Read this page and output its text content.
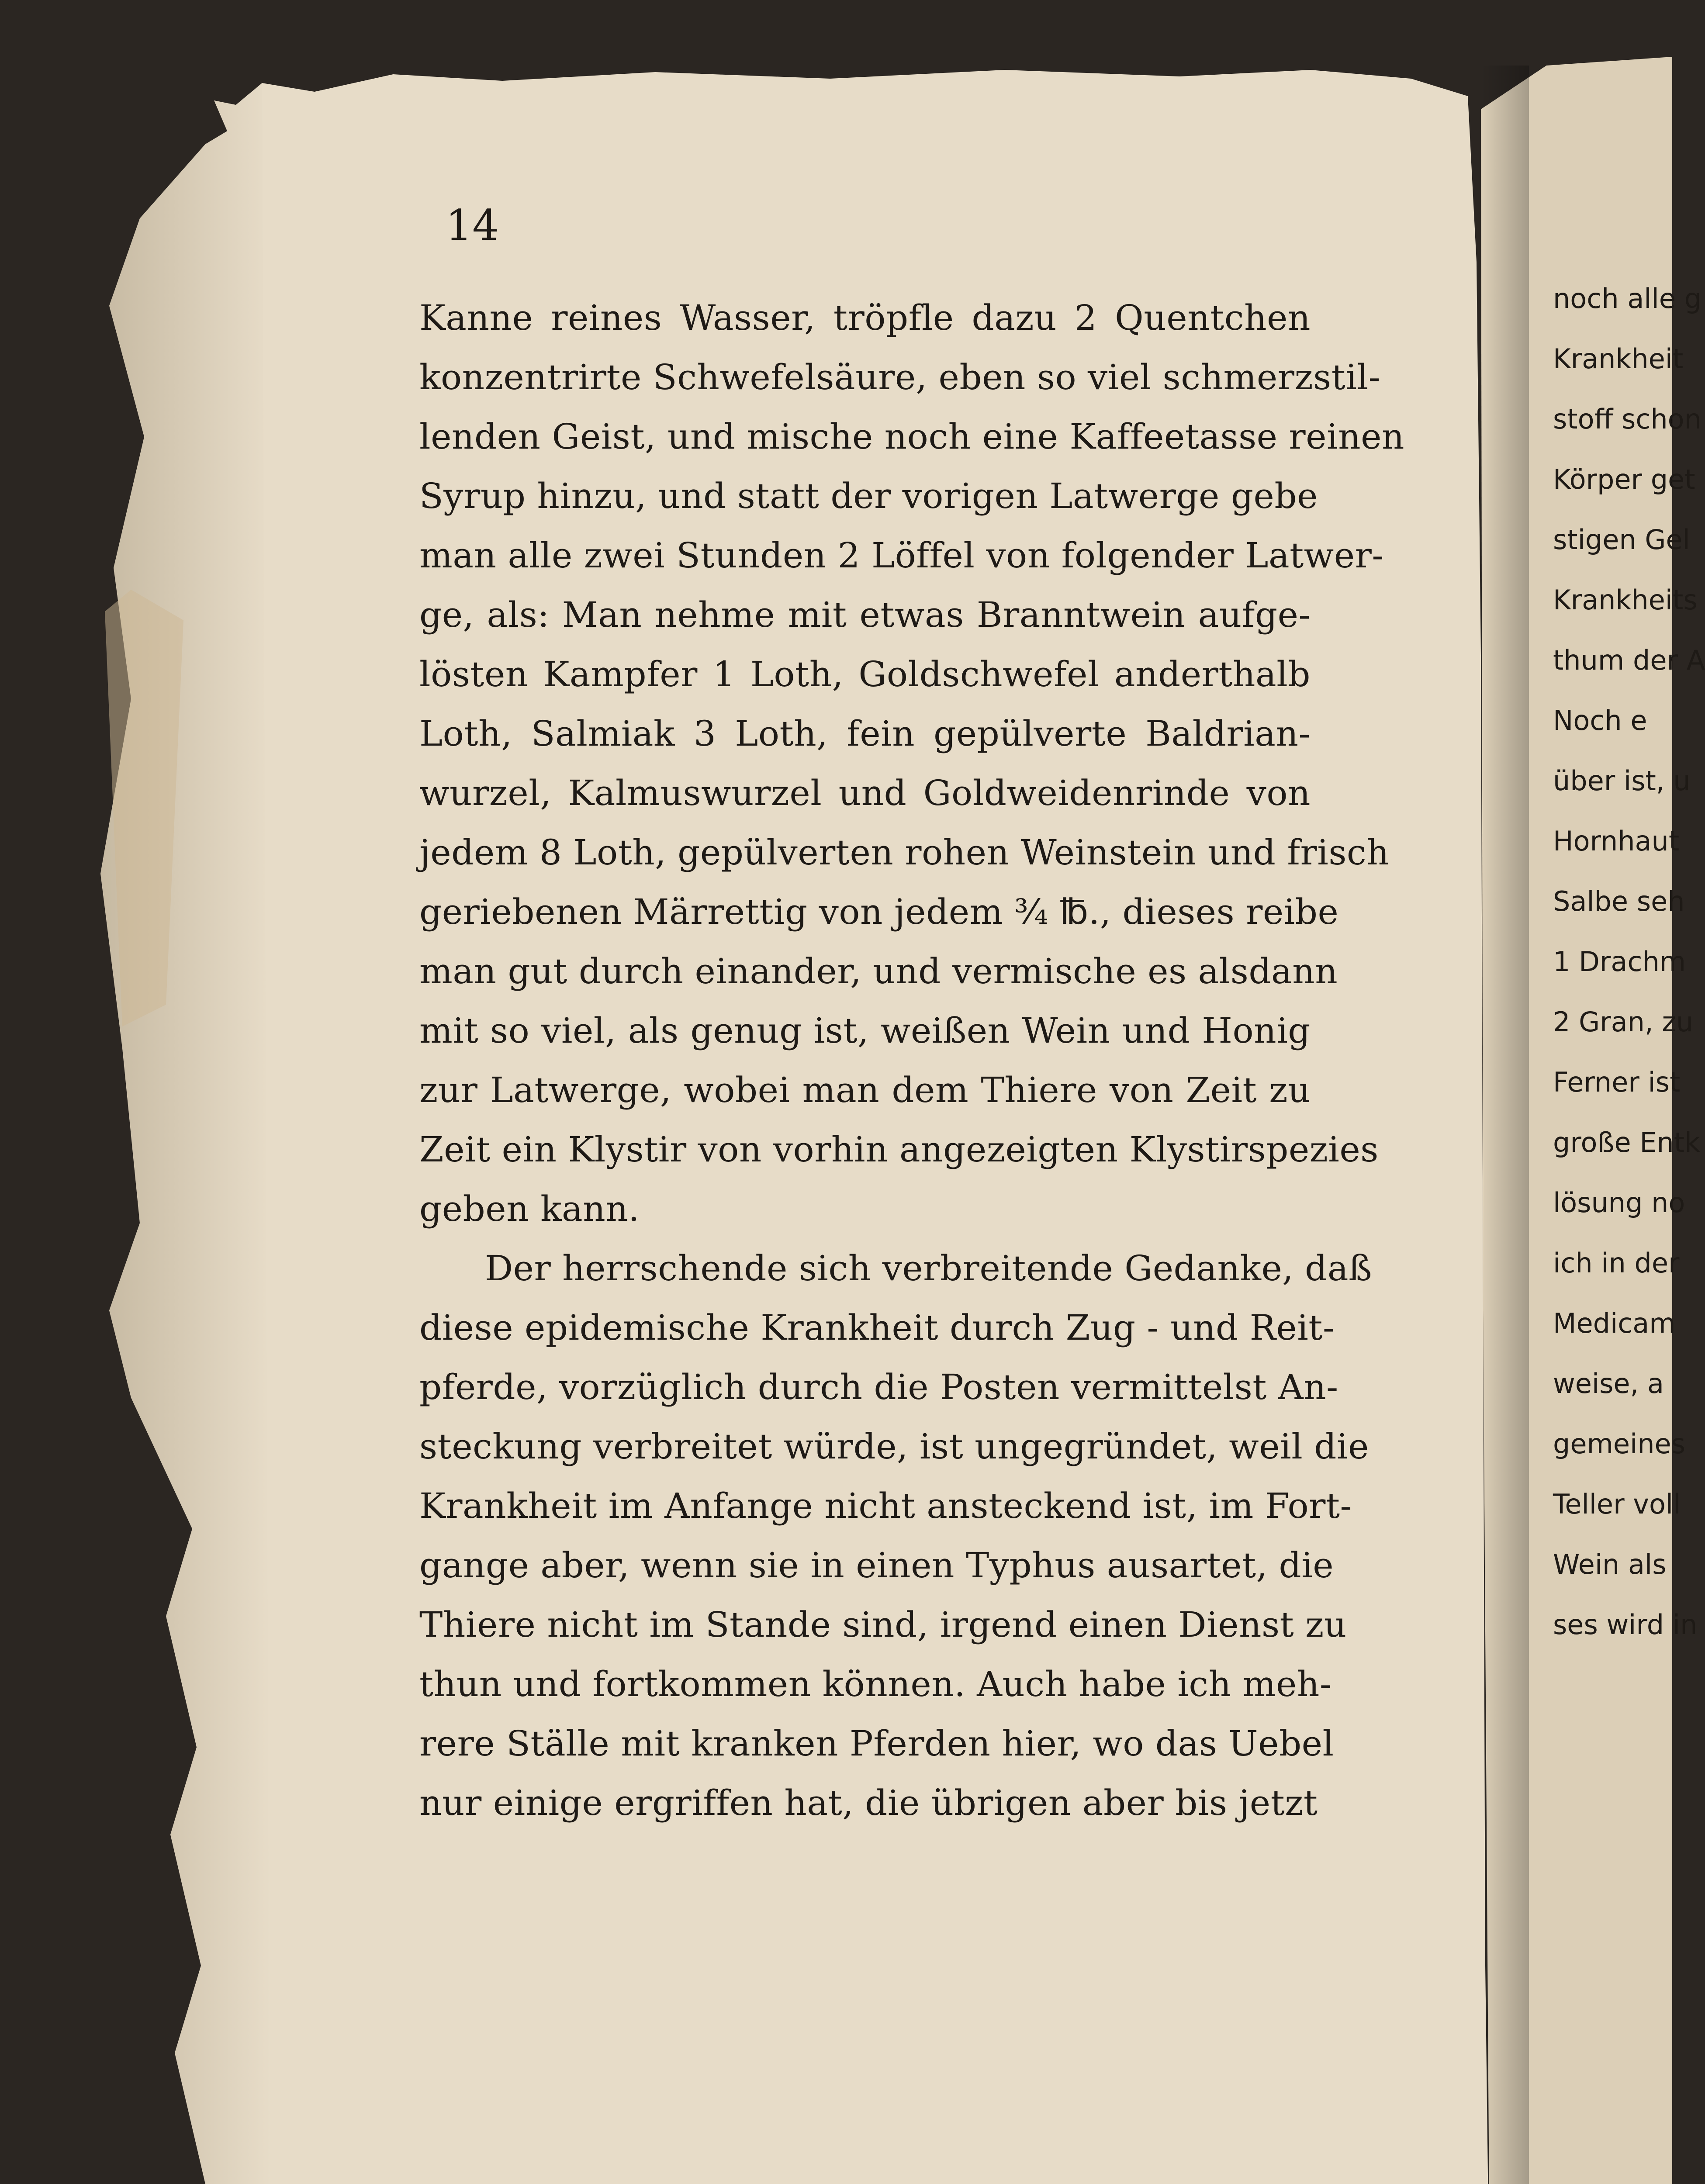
14
Kanne reines Wasser, tröpfle dazu 2 Quentchen
konzentrirte Schwefelsäure, eben so viel schmerzstil-
lenden Geist, und mische noch eine Kaffeetasse reinen
Syrup hinzu, und statt der vorigen Latwerge gebe
man alle zwei Stunden 2 Löffel von folgender Latwer-
ge, als: Man nehme mit etwas Branntwein aufge-
lösten Kampfer 1 Loth, Goldschwefel anderthalb
Loth, Salmiak 3 Loth, fein gepülverte Baldrian-
wurzel, Kalmuswurzel und Goldweidenrinde von
jedem 8 Loth, gepülverten rohen Weinstein und frisch
geriebenen Märrettig von jedem ¾ ℔., dieses reibe
man gut durch einander, und vermische es alsdann
mit so viel, als genug ist, weißen Wein und Honig
zur Latwerge, wobei man dem Thiere von Zeit zu
Zeit ein Klystir von vorhin angezeigten Klystirspezies
geben kann.
Der herrschende sich verbreitende Gedanke, daß
diese epidemische Krankheit durch Zug - und Reit-
pferde, vorzüglich durch die Posten vermittelst An-
steckung verbreitet würde, ist ungegründet, weil die
Krankheit im Anfange nicht ansteckend ist, im Fort-
gange aber, wenn sie in einen Typhus ausartet, die
Thiere nicht im Stande sind, irgend einen Dienst zu
thun und fortkommen können. Auch habe ich meh-
rere Ställe mit kranken Pferden hier, wo das Uebel
nur einige ergriffen hat, die übrigen aber bis jetzt
noch alle g
Krankheit
stoff schon
Körper get
stigen Gel
Krankheits
thum der A
Noch e
über ist, u
Hornhaut
Salbe seh
1 Drachm
2 Gran, zu
Ferner ist
große Entk
lösung no
ich in der
Medicam
weise, a
gemeines
Teller voll
Wein als
ses wird in
